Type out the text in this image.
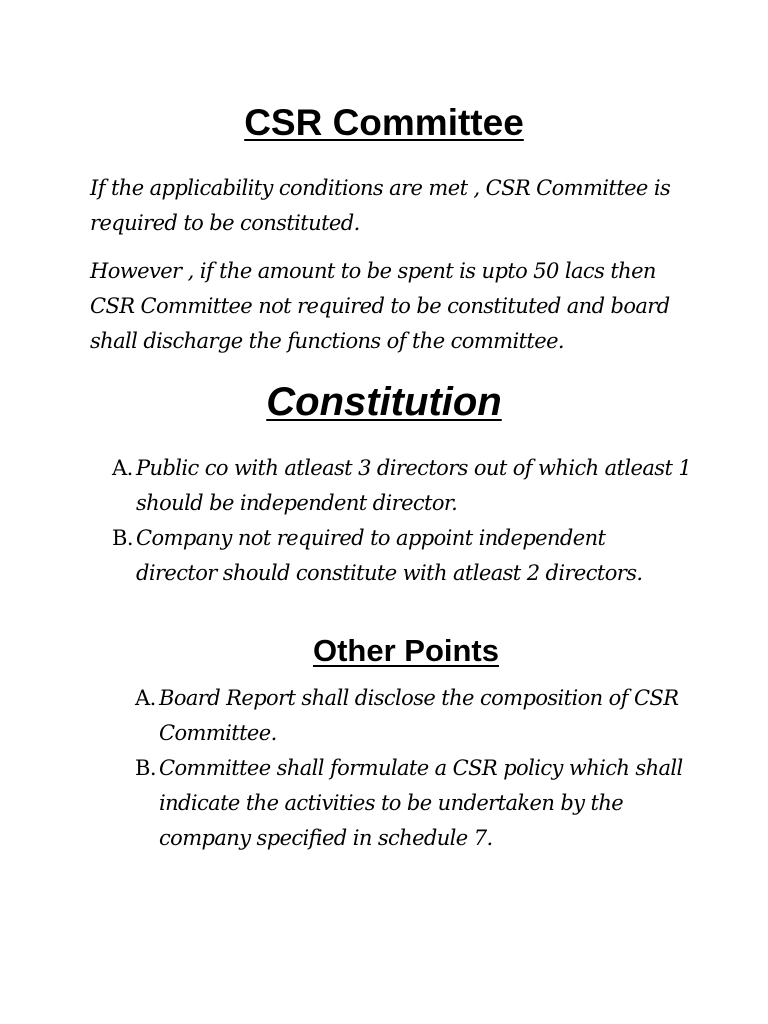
CSR Committee

If the applicability conditions are met , CSR Committee is required to be constituted.

However , if the amount to be spent is upto 50 lacs then CSR Committee not required to be constituted and board shall discharge the functions of the committee.

Constitution
A. Public co with atleast 3 directors out of which atleast 1 should be independent director.
B. Company not required to appoint independent director should constitute with atleast 2 directors.
Other Points
A. Board Report shall disclose the composition of CSR Committee.
B. Committee shall formulate a CSR policy which shall indicate the activities to be undertaken by the company specified in schedule 7.
